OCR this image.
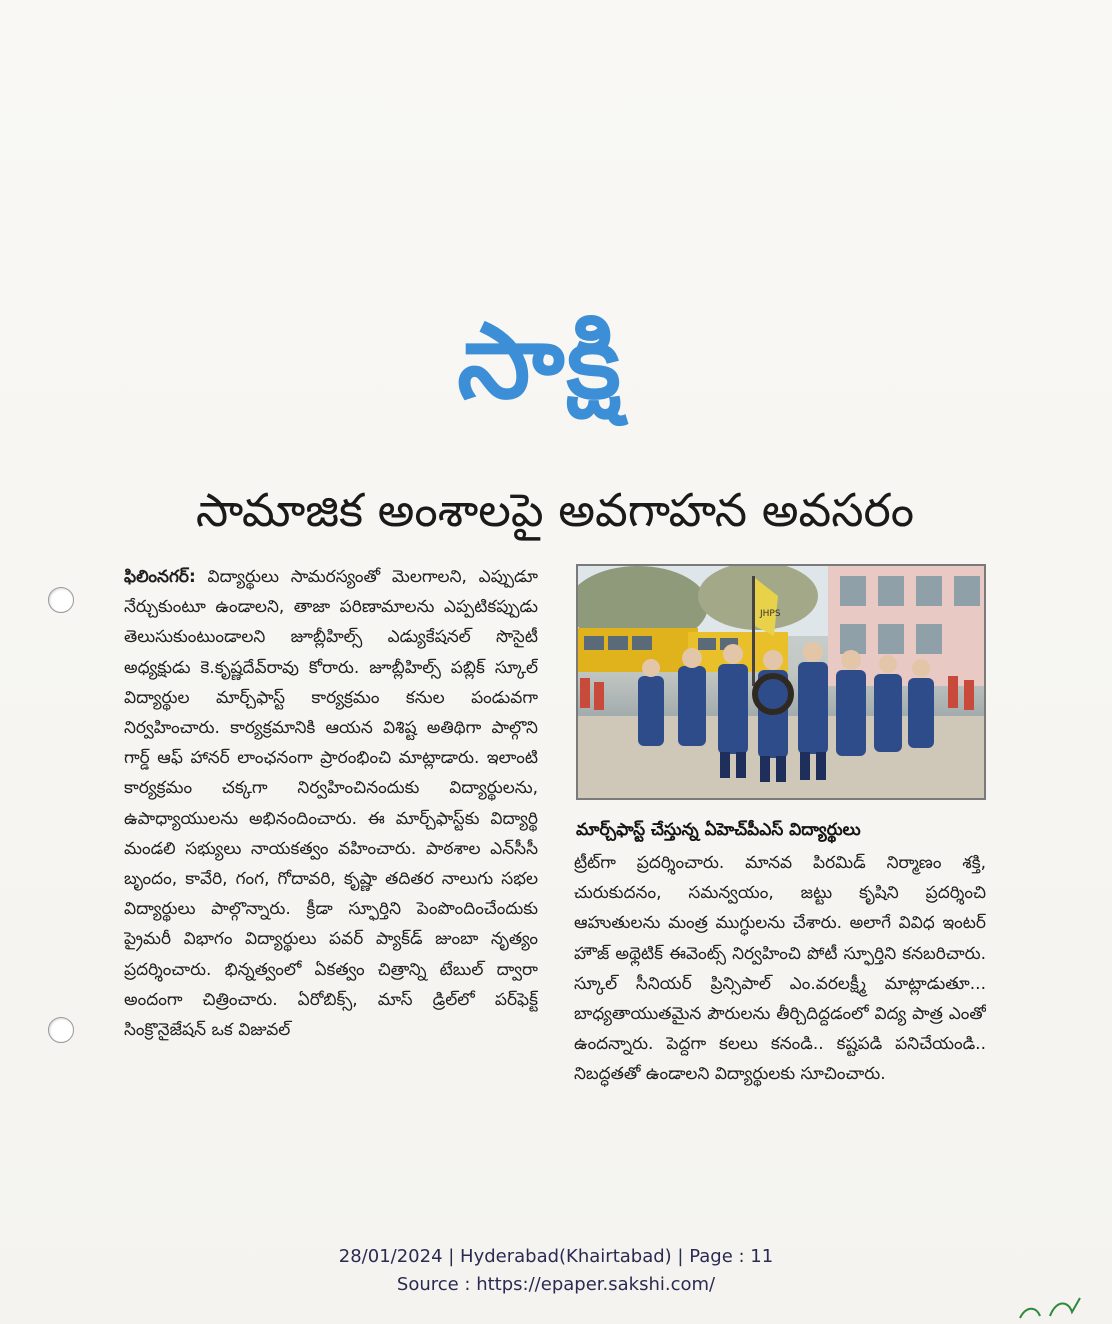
సాక్షి
సామాజిక అంశాలపై అవగాహన అవసరం
ఫిలింనగర్: విద్యార్థులు సామరస్యంతో మెలగాలని, ఎప్పుడూ నేర్చుకుంటూ ఉండాలని, తాజా పరిణామాలను ఎప్పటికప్పుడు తెలుసుకుంటుండాలని జూబ్లీహిల్స్ ఎడ్యుకేషనల్ సొసైటీ అధ్యక్షుడు కె.కృష్ణదేవ్‌రావు కోరారు. జూబ్లీహిల్స్ పబ్లిక్ స్కూల్ విద్యార్థుల మార్చ్‌ఫాస్ట్ కార్యక్రమం కనుల పండువగా నిర్వహించారు. కార్యక్రమానికి ఆయన విశిష్ట అతిథిగా పాల్గొని గార్డ్ ఆఫ్ హానర్ లాంఛనంగా ప్రారంభించి మాట్లాడారు. ఇలాంటి కార్యక్రమం చక్కగా నిర్వహించినందుకు విద్యార్థులను, ఉపాధ్యాయులను అభినందించారు. ఈ మార్చ్‌ఫాస్ట్‌కు విద్యార్థి మండలి సభ్యులు నాయకత్వం వహించారు. పాఠశాల ఎన్‌సీసీ బృందం, కావేరి, గంగ, గోదావరి, కృష్ణా తదితర నాలుగు సభల విద్యార్థులు పాల్గొన్నారు. క్రీడా స్ఫూర్తిని పెంపొందించేందుకు ప్రైమరీ విభాగం విద్యార్థులు పవర్ ప్యాక్‌డ్ జుంబా నృత్యం ప్రదర్శించారు. భిన్నత్వంలో ఏకత్వం చిత్రాన్ని టేబుల్ ద్వారా అందంగా చిత్రించారు. ఏరోబిక్స్, మాస్ డ్రిల్‌లో పర్‌ఫెక్ట్ సింక్రొనైజేషన్ ఒక విజువల్
JHPS
మార్చ్‌ఫాస్ట్ చేస్తున్న ఏహెచ్‌పీఎస్ విద్యార్థులు
ట్రీట్‌గా ప్రదర్శించారు. మానవ పిరమిడ్ నిర్మాణం శక్తి, చురుకుదనం, సమన్వయం, జట్టు కృషిని ప్రదర్శించి ఆహుతులను మంత్ర ముగ్ధులను చేశారు. అలాగే వివిధ ఇంటర్ హౌజ్ అథ్లెటిక్ ఈవెంట్స్ నిర్వహించి పోటీ స్ఫూర్తిని కనబరిచారు. స్కూల్ సీనియర్ ప్రిన్సిపాల్ ఎం.వరలక్ష్మీ మాట్లాడుతూ... బాధ్యతాయుతమైన పౌరులను తీర్చిదిద్దడంలో విద్య పాత్ర ఎంతో ఉందన్నారు. పెద్దగా కలలు కనండి.. కష్టపడి పనిచేయండి.. నిబద్ధతతో ఉండాలని విద్యార్థులకు సూచించారు.
28/01/2024 | Hyderabad(Khairtabad) | Page : 11
Source : https://epaper.sakshi.com/
